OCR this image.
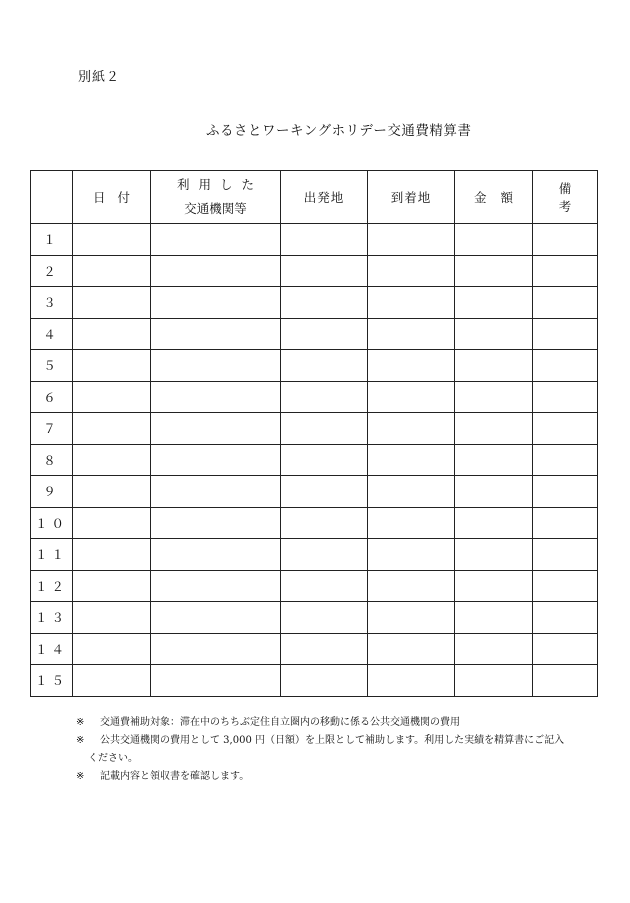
別紙２
ふるさとワーキングホリデー交通費精算書
	日付	利用した
交通機関等	出発地	到着地	金額	備考
１						
２						
３						
４						
５						
６						
７						
８						
９						
１０						
１１						
１２						
１３						
１４						
１５						
※	交通費補助対象：滞在中のちちぶ定住自立圏内の移動に係る公共交通機関の費用
※	公共交通機関の費用として 3,000 円（日額）を上限として補助します。利用した実績を精算書にご記入
ください。
※	記載内容と領収書を確認します。
